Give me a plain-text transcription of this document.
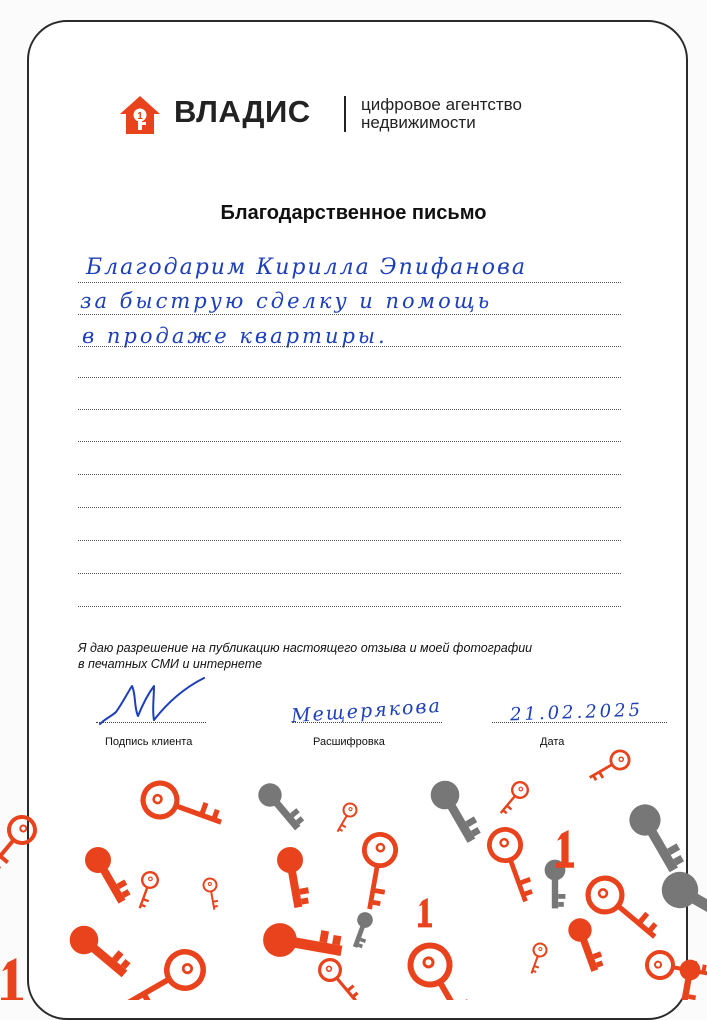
1 ВЛАДИС	цифровое агентство
недвижимости
Благодарственное письмо
Благодарим Кирилла Эпифанова
за быструю сделку и помощь
в продаже квартиры.
Я даю разрешение на публикацию настоящего отзыва и моей фотографии
в печатных СМИ и интернете
Подпись клиента
Мещерякова
Расшифровка
21.02.2025
Дата
